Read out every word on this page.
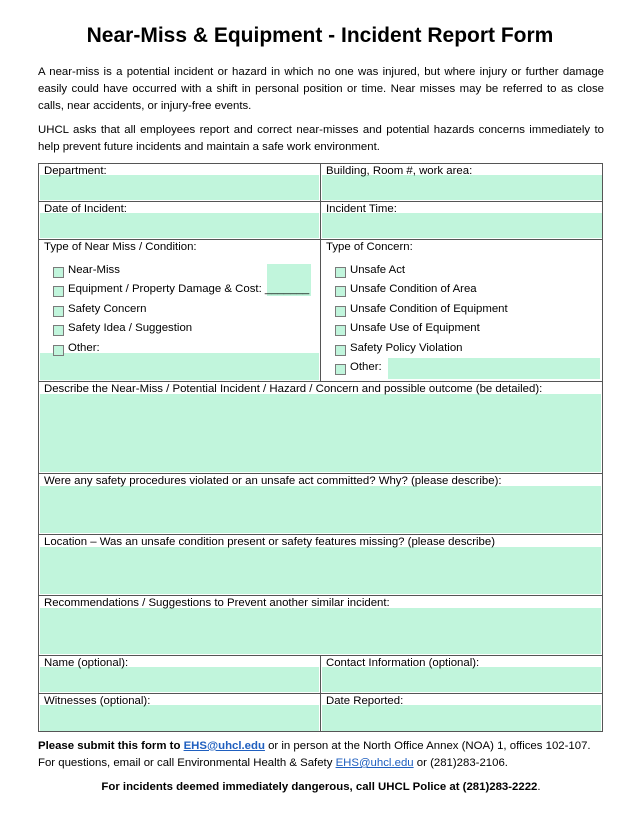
Near-Miss & Equipment - Incident Report Form
A near-miss is a potential incident or hazard in which no one was injured, but where injury or further damage easily could have occurred with a shift in personal position or time. Near misses may be referred to as close calls, near accidents, or injury-free events.
UHCL asks that all employees report and correct near-misses and potential hazards concerns immediately to help prevent future incidents and maintain a safe work environment.
Department:	Building, Room #, work area:
Date of Incident:	Incident Time:
Type of Near Miss / Condition:	Type of Concern:
Near-Miss
Equipment / Property Damage & Cost: _______
Safety Concern
Safety Idea / Suggestion
Other:
Unsafe Act
Unsafe Condition of Area
Unsafe Condition of Equipment
Unsafe Use of Equipment
Safety Policy Violation
Other:
Describe the Near-Miss / Potential Incident / Hazard / Concern and possible outcome (be detailed):
Were any safety procedures violated or an unsafe act committed? Why? (please describe):
Location – Was an unsafe condition present or safety features missing? (please describe)
Recommendations / Suggestions to Prevent another similar incident:
Name (optional):	Contact Information (optional):
Witnesses (optional):	Date Reported:
Please submit this form to EHS@uhcl.edu or in person at the North Office Annex (NOA) 1, offices 102-107. For questions, email or call Environmental Health & Safety EHS@uhcl.edu or (281)283-2106.
For incidents deemed immediately dangerous, call UHCL Police at (281)283-2222.
